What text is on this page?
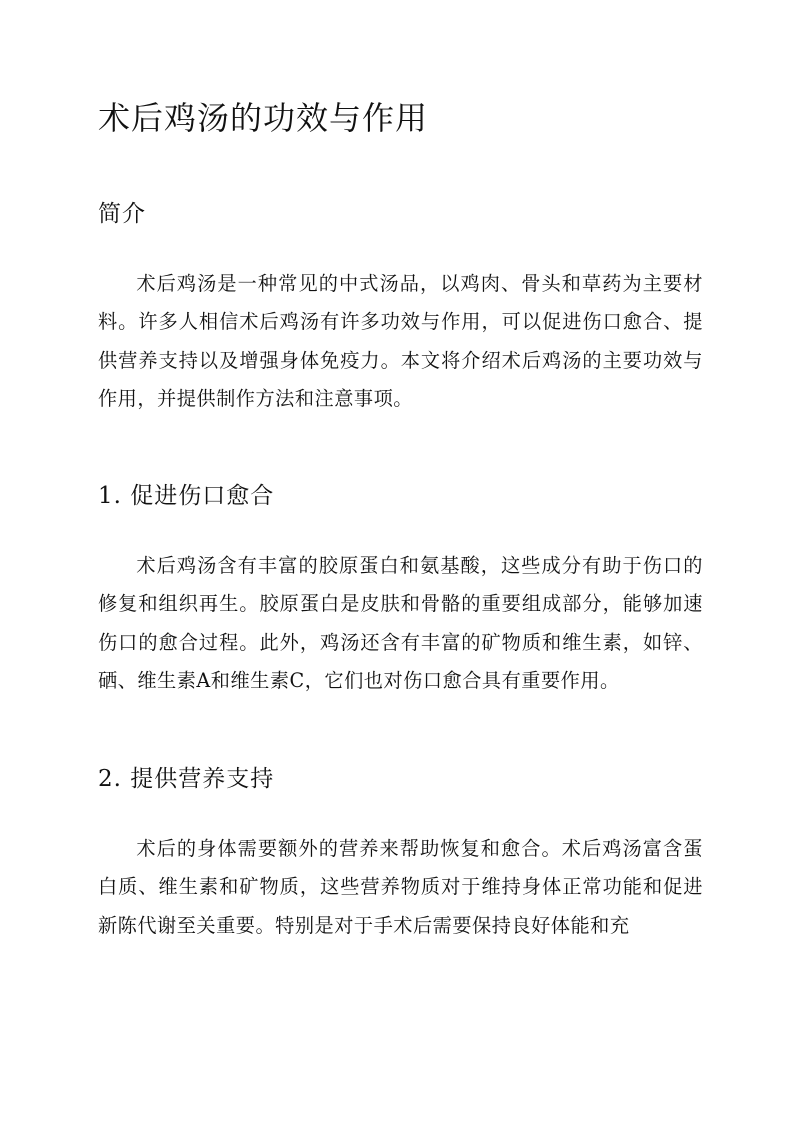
术后鸡汤的功效与作用
简介

术后鸡汤是一种常见的中式汤品，以鸡肉、骨头和草药为主要材料。许多人相信术后鸡汤有许多功效与作用，可以促进伤口愈合、提供营养支持以及增强身体免疫力。本文将介绍术后鸡汤的主要功效与作用，并提供制作方法和注意事项。

1. 促进伤口愈合

术后鸡汤含有丰富的胶原蛋白和氨基酸，这些成分有助于伤口的修复和组织再生。胶原蛋白是皮肤和骨骼的重要组成部分，能够加速伤口的愈合过程。此外，鸡汤还含有丰富的矿物质和维生素，如锌、硒、维生素A和维生素C，它们也对伤口愈合具有重要作用。

2. 提供营养支持

术后的身体需要额外的营养来帮助恢复和愈合。术后鸡汤富含蛋白质、维生素和矿物质，这些营养物质对于维持身体正常功能和促进新陈代谢至关重要。特别是对于手术后需要保持良好体能和充
